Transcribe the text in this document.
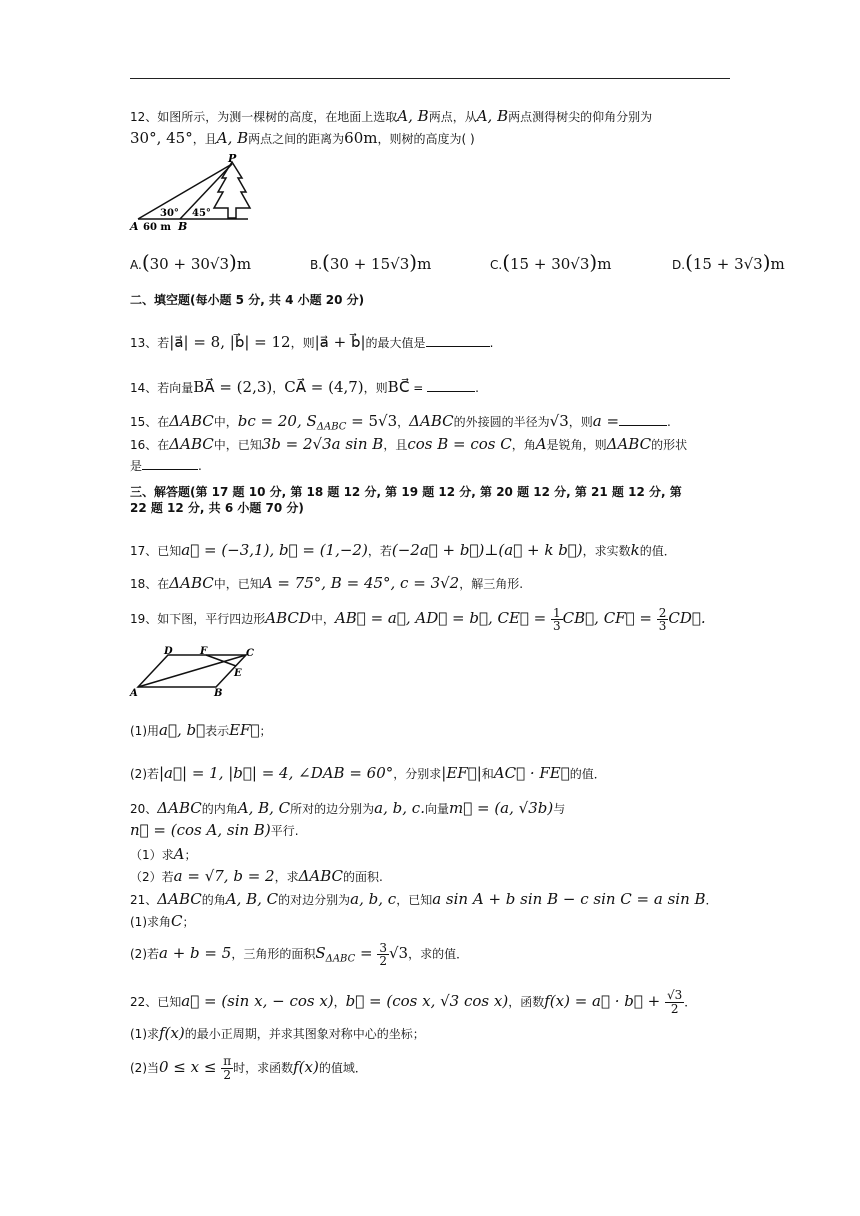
12、如图所示，为测一棵树的高度，在地面上选取A, B两点，从A, B两点测得树尖的仰角分别为
30°, 45°，且A, B两点之间的距离为60m，则树的高度为( )
P
A	B
60 m
30° 45°
A.(30 + 30√3)m	B.(30 + 15√3)m	C.(15 + 30√3)m	D.(15 + 3√3)m
二、填空题(每小题 5 分, 共 4 小题 20 分)
13、若|a⃗| = 8, |b⃗| = 12，则|a⃗ + b⃗|的最大值是	.
14、若向量BA⃗ = (2,3)，CA⃗ = (4,7)，则BC⃗ =	.
15、在ΔABC中，bc = 20, $S_{\Delta ABC} = 5√3$，ΔABC的外接圆的半径为√3，则a =	.
16、在ΔABC中，已知3b = 2√3a sin B，且cos B = cos C，角A是锐角，则ΔABC的形状
是	.
三、解答题(第 17 题 10 分, 第 18 题 12 分, 第 19 题 12 分, 第 20 题 12 分, 第 21 题 12 分, 第
22 题 12 分, 共 6 小题 70 分)
17、已知a⃗ = (−3,1), b⃗ = (1,−2)，若(−2a⃗ + b⃗)⊥(a⃗ + k b⃗)，求实数k的值．
18、在ΔABC中，已知A = 75°, B = 45°, c = 3√2，解三角形.
19、如下图，平行四边形ABCD中，AB⃗ = a⃗, AD⃗ = b⃗, CE⃗ = $\frac{1}{3}$ CB⃗, CF⃗ = $\frac{2}{3}$ CD⃗.
A	B
C
D
E
F
(1)用a⃗, b⃗表示EF⃗；
(2)若|a⃗| = 1, |b⃗| = 4, ∠DAB = 60°，分别求|EF⃗|和AC⃗ · FE⃗的值．
20、ΔABC的内角A, B, C所对的边分别为a, b, c.向量m⃗ = (a, √3b)与
n⃗ = (cos A, sin B)平行.
（1）求A；
（2）若a = √7, b = 2，求ΔABC的面积.
21、ΔABC的角A, B, C的对边分别为a, b, c，已知a sin A + b sin B − c sin C = a sin B．
(1)求角C；
(2)若a + b = 5，三角形的面积$S_{\Delta ABC} = \frac{3}{2} √3$，求的值．
22、已知a⃗ = (sin x, − cos x)，b⃗ = (cos x, √3 cos x)，函数f(x) = a⃗ · b⃗ + $\frac{√3}{2}$ ．
(1)求f(x)的最小正周期，并求其图象对称中心的坐标；
(2)当$0 \le x \le \frac{\pi}{2}$ 时，求函数f(x)的值域．
